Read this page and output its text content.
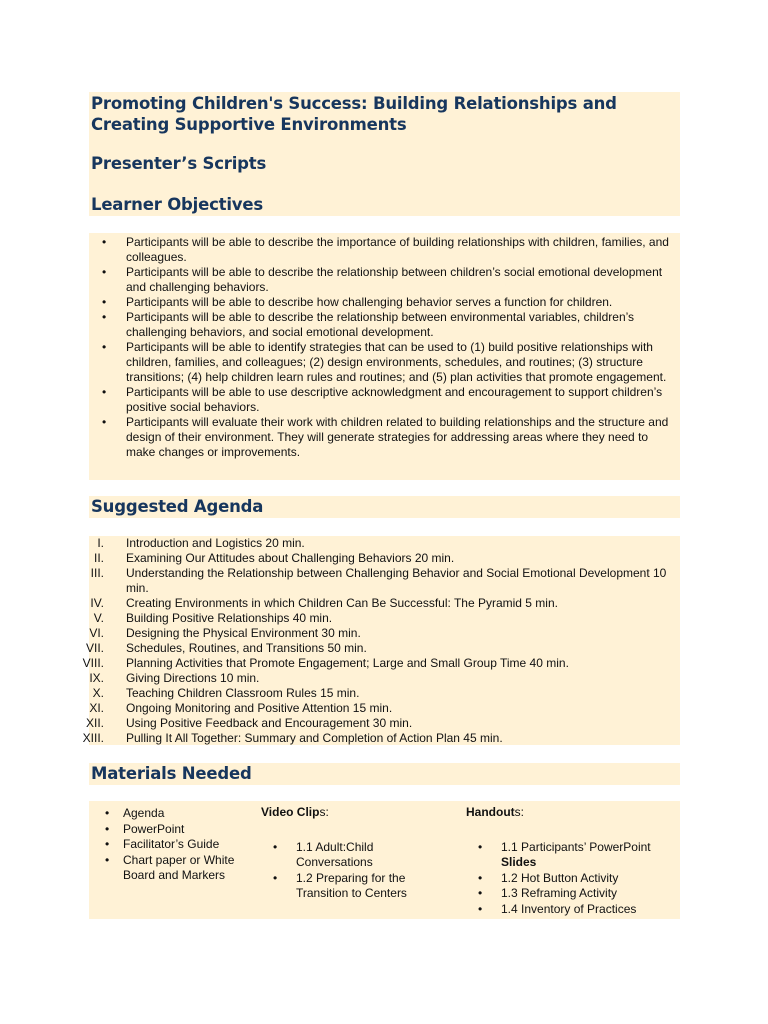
Promoting Children's Success: Building Relationships and Creating Supportive Environments
Presenter’s Scripts
Learner Objectives
• Participants will be able to describe the importance of building relationships with children, families, and colleagues.
• Participants will be able to describe the relationship between children’s social emotional development and challenging behaviors.
• Participants will be able to describe how challenging behavior serves a function for children.
• Participants will be able to describe the relationship between environmental variables, children’s challenging behaviors, and social emotional development.
• Participants will be able to identify strategies that can be used to (1) build positive relationships with children, families, and colleagues; (2) design environments, schedules, and routines; (3) structure transitions; (4) help children learn rules and routines; and (5) plan activities that promote engagement.
• Participants will be able to use descriptive acknowledgment and encouragement to support children’s positive social behaviors.
• Participants will evaluate their work with children related to building relationships and the structure and design of their environment. They will generate strategies for addressing areas where they need to make changes or improvements.
Suggested Agenda
I. Introduction and Logistics 20 min.
II. Examining Our Attitudes about Challenging Behaviors 20 min.
III. Understanding the Relationship between Challenging Behavior and Social Emotional Development 10 min.
IV. Creating Environments in which Children Can Be Successful: The Pyramid 5 min.
V. Building Positive Relationships 40 min.
VI. Designing the Physical Environment 30 min.
VII. Schedules, Routines, and Transitions 50 min.
VIII. Planning Activities that Promote Engagement; Large and Small Group Time 40 min.
IX. Giving Directions 10 min.
X. Teaching Children Classroom Rules 15 min.
XI. Ongoing Monitoring and Positive Attention 15 min.
XII. Using Positive Feedback and Encouragement 30 min.
XIII. Pulling It All Together: Summary and Completion of Action Plan 45 min.
Materials Needed
• Agenda
• PowerPoint
• Facilitator’s Guide
• Chart paper or White Board and Markers
Video Clips:
• 1.1 Adult:Child Conversations
• 1.2 Preparing for the Transition to Centers
Handouts:
• 1.1 Participants’ PowerPoint Slides
• 1.2 Hot Button Activity
• 1.3 Reframing Activity
• 1.4 Inventory of Practices
